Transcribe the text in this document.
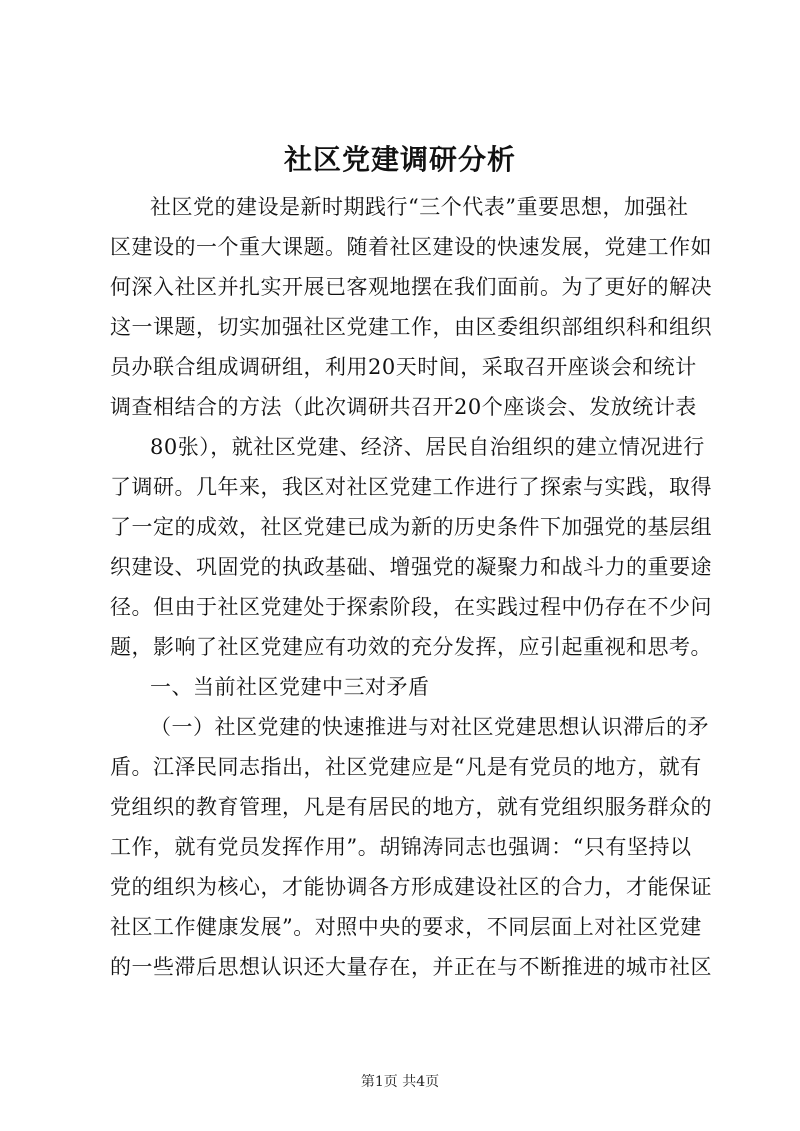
社区党建调研分析
社区党的建设是新时期践行“三个代表”重要思想，加强社
区建设的一个重大课题。随着社区建设的快速发展，党建工作如
何深入社区并扎实开展已客观地摆在我们面前。为了更好的解决
这一课题，切实加强社区党建工作，由区委组织部组织科和组织
员办联合组成调研组，利用20天时间，采取召开座谈会和统计
调查相结合的方法（此次调研共召开20个座谈会、发放统计表
80张），就社区党建、经济、居民自治组织的建立情况进行
了调研。几年来，我区对社区党建工作进行了探索与实践，取得
了一定的成效，社区党建已成为新的历史条件下加强党的基层组
织建设、巩固党的执政基础、增强党的凝聚力和战斗力的重要途
径。但由于社区党建处于探索阶段，在实践过程中仍存在不少问
题，影响了社区党建应有功效的充分发挥，应引起重视和思考。
一、当前社区党建中三对矛盾
（一）社区党建的快速推进与对社区党建思想认识滞后的矛
盾。江泽民同志指出，社区党建应是“凡是有党员的地方，就有
党组织的教育管理，凡是有居民的地方，就有党组织服务群众的
工作，就有党员发挥作用”。胡锦涛同志也强调：“只有坚持以
党的组织为核心，才能协调各方形成建设社区的合力，才能保证
社区工作健康发展”。对照中央的要求，不同层面上对社区党建
的一些滞后思想认识还大量存在，并正在与不断推进的城市社区
第1页 共4页
